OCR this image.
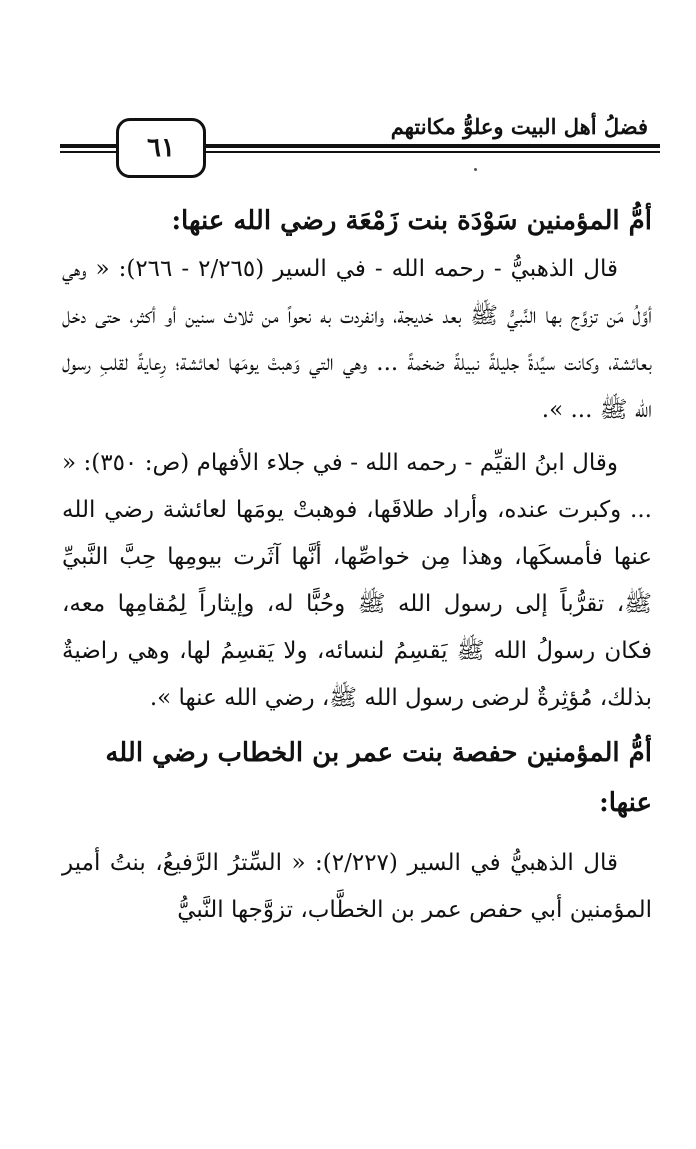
فضلُ أهل البيت وعلوُّ مكانتهم
٦١
أمُّ المؤمنين سَوْدَة بنت زَمْعَة رضي الله عنها:

قال الذهبيُّ - رحمه الله - في السير (٢/٢٦٥ - ٢٦٦): « وهي أوَّلُ مَن تزوَّج بها النَّبيُّ ﷺ بعد خديجة، وانفردت به نحواً من ثلاث سنين أو أكثر، حتى دخل بعائشة، وكانت سيِّدةً جليلةً نبيلةً ضخمةً ... وهي التي وَهبتْ يومَها لعائشة؛ رِعايةً لقلبِ رسول الله ﷺ ... ».

وقال ابنُ القيِّم - رحمه الله - في جلاء الأفهام (ص: ٣٥٠): « ... وكبرت عنده، وأراد طلاقَها، فوهبتْ يومَها لعائشة رضي الله عنها فأمسكَها، وهذا مِن خواصِّها، أنَّها آثَرت بيومِها حِبَّ النَّبيِّ ﷺ، تقرُّباً إلى رسول الله ﷺ وحُبًّا له، وإيثاراً لِمُقامِها معه، فكان رسولُ الله ﷺ يَقسِمُ لنسائه، ولا يَقسِمُ لها، وهي راضيةٌ بذلك، مُؤثِرةٌ لرضى رسول الله ﷺ، رضي الله عنها ».

أمُّ المؤمنين حفصة بنت عمر بن الخطاب رضي الله عنها:

قال الذهبيُّ في السير (٢/٢٢٧): « السِّترُ الرَّفيعُ، بنتُ أمير المؤمنين أبي حفص عمر بن الخطَّاب، تزوَّجها النَّبيُّ
